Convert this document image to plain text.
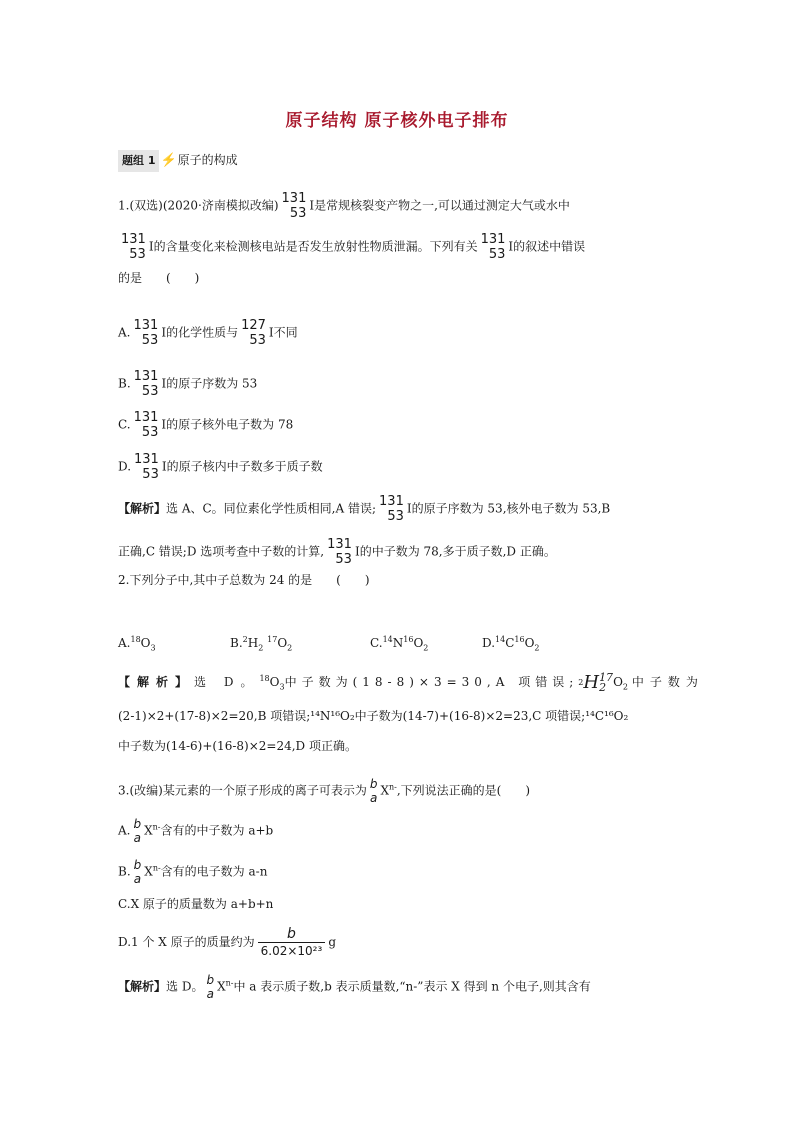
原子结构 原子核外电子排布
题组 1 ⚡原子的构成
1.(双选)(2020·济南模拟改编) 131
53
I是常规核裂变产物之一,可以通过测定大气或水中
131
53
I的含量变化来检测核电站是否发生放射性物质泄漏。下列有关 131
53
I的叙述中错误
的是　　(　　)
A. 131
53
I的化学性质与 127
53
I不同
B. 131
53
I的原子序数为 53
C. 131
53
I的原子核外电子数为 78
D. 131
53
I的原子核内中子数多于质子数
【解析】选 A、C。同位素化学性质相同,A 错误; 131
53
I的原子序数为 53,核外电子数为 53,B
正确,C 错误;D 选项考查中子数的计算, 131
53
I的中子数为 78,多于质子数,D 正确。
2.下列分子中,其中子总数为 24 的是　　(　　)
$A.^{18}O_3$	$B.^2H_2$ $^{17}O_2$	$C.^{14}N^{16}O_2$	$D.^{14}C^{16}O_2$
【解析】选 D。$^{18}O_3$中子数为(18-8)×3=30,A 项错误; 2 H 17
2 $O_2$ 中子数为
(2-1)×2+(17-8)×2=20,B 项错误;¹⁴N¹⁶O₂中子数为(14-7)+(16-8)×2=23,C 项错误;¹⁴C¹⁶O₂
中子数为(14-6)+(16-8)×2=24,D 项正确。
3.(改编)某元素的一个原子形成的离子可表示为 b
a
$X^{n-}$,下列说法正确的是(　　)
A. b
a
$X^{n-}$含有的中子数为 a+b
B. b
a
$X^{n-}$含有的电子数为 a-n
C.X 原子的质量数为 a+b+n
D.1 个 X 原子的质量约为 $\frac{b}{\text{6.02×10²³}}$ g
【解析】选 D。 b
a
$X^{n-}$中 a 表示质子数,b 表示质量数,“n-”表示 X 得到 n 个电子,则其含有
